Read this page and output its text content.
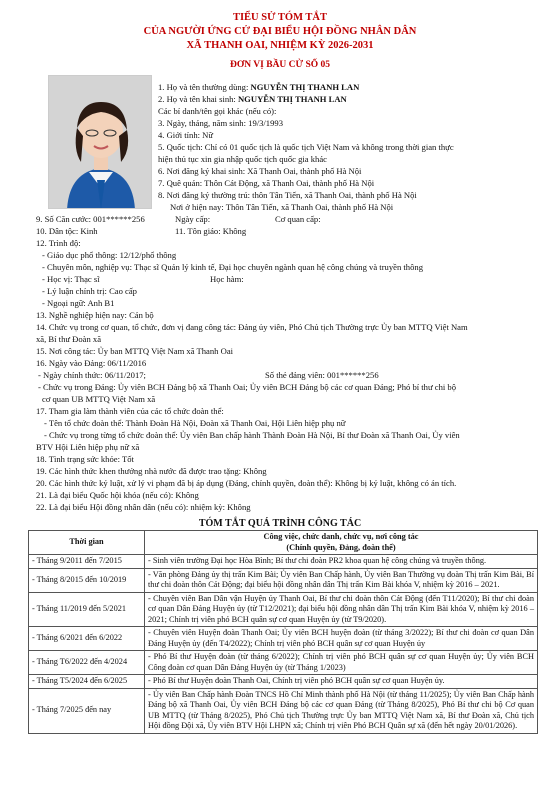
TIỂU SỬ TÓM TẮT
CỦA NGƯỜI ỨNG CỬ ĐẠI BIỂU HỘI ĐỒNG NHÂN DÂN
XÃ THANH OAI, NHIỆM KỲ 2026-2031
ĐƠN VỊ BẦU CỬ SỐ 05
1. Họ và tên thường dùng: NGUYỄN THỊ THANH LAN
2. Họ và tên khai sinh: NGUYỄN THỊ THANH LAN
Các bí danh/tên gọi khác (nếu có):
3. Ngày, tháng, năm sinh: 19/3/1993
4. Giới tính: Nữ
5. Quốc tịch: Chỉ có 01 quốc tịch là quốc tịch Việt Nam và không trong thời gian thực
hiện thủ tục xin gia nhập quốc tịch quốc gia khác
6. Nơi đăng ký khai sinh: Xã Thanh Oai, thành phố Hà Nội
7. Quê quán: Thôn Cát Động, xã Thanh Oai, thành phố Hà Nội
8. Nơi đăng ký thường trú: thôn Tân Tiến, xã Thanh Oai, thành phố Hà Nội
Nơi ở hiện nay: Thôn Tân Tiến, xã Thanh Oai, thành phố Hà Nội
9. Số Căn cước: 001******256	Ngày cấp:	Cơ quan cấp:
10. Dân tộc: Kinh	11. Tôn giáo: Không
12. Trình độ:
- Giáo dục phổ thông: 12/12/phổ thông
- Chuyên môn, nghiệp vụ: Thạc sĩ Quản lý kinh tế, Đại học chuyên ngành quan hệ công chúng và truyền thông
- Học vị: Thạc sĩ	Học hàm:
- Lý luận chính trị: Cao cấp
- Ngoại ngữ: Anh B1
13. Nghề nghiệp hiện nay: Cán bộ
14. Chức vụ trong cơ quan, tổ chức, đơn vị đang công tác: Đảng ủy viên, Phó Chủ tịch Thường trực Ủy ban MTTQ Việt Nam
xã, Bí thư Đoàn xã
15. Nơi công tác: Ủy ban MTTQ Việt Nam xã Thanh Oai
16. Ngày vào Đảng: 06/11/2016
- Ngày chính thức: 06/11/2017;	Số thẻ đảng viên: 001******256
- Chức vụ trong Đảng: Ủy viên BCH Đảng bộ xã Thanh Oai; Ủy viên BCH Đảng bộ các cơ quan Đảng; Phó bí thư chi bộ
cơ quan UB MTTQ Việt Nam xã
17. Tham gia làm thành viên của các tổ chức đoàn thể:
- Tên tổ chức đoàn thể: Thành Đoàn Hà Nội, Đoàn xã Thanh Oai, Hội Liên hiệp phụ nữ
- Chức vụ trong từng tổ chức đoàn thể: Ủy viên Ban chấp hành Thành Đoàn Hà Nội, Bí thư Đoàn xã Thanh Oai, Ủy viên
BTV Hội Liên hiệp phụ nữ xã
18. Tình trạng sức khỏe: Tốt
19. Các hình thức khen thưởng nhà nước đã được trao tặng: Không
20. Các hình thức kỷ luật, xử lý vi phạm đã bị áp dụng (Đảng, chính quyền, đoàn thể): Không bị kỷ luật, không có án tích.
21. Là đại biểu Quốc hội khóa (nếu có): Không
22. Là đại biểu Hội đồng nhân dân (nếu có): nhiệm kỳ: Không
TÓM TẮT QUÁ TRÌNH CÔNG TÁC
Thời gian	Công việc, chức danh, chức vụ, nơi công tác
(Chính quyền, Đảng, đoàn thể)

- Tháng 9/2011 đến 7/2015	- Sinh viên trường Đại học Hòa Bình; Bí thư chi đoàn PR2 khoa quan hệ công chúng và truyền thông.
- Tháng 8/2015 đến 10/2019	- Văn phòng Đảng ủy thị trấn Kim Bài; Ủy viên Ban Chấp hành, Ủy viên Ban Thường vụ đoàn Thị trấn Kim Bài, Bí thư chi đoàn thôn Cát Động; đại biểu hội đồng nhân dân Thị trấn Kim Bài khóa V, nhiệm kỳ 2016 – 2021.
- Tháng 11/2019 đến 5/2021	- Chuyên viên Ban Dân vận Huyện ủy Thanh Oai, Bí thư chi đoàn thôn Cát Động (đến T11/2020); Bí thư chi đoàn cơ quan Dân Đảng Huyện ủy (từ T12/2021); đại biểu hội đồng nhân dân Thị trấn Kim Bài khóa V, nhiệm kỳ 2016 – 2021; Chính trị viên phó BCH quân sự cơ quan Huyện ủy (từ T9/2020).
- Tháng 6/2021 đến 6/2022	- Chuyên viên Huyện đoàn Thanh Oai; Ủy viên BCH huyện đoàn (từ tháng 3/2022); Bí thư chi đoàn cơ quan Dân Đảng Huyện ủy (đến T4/2022); Chính trị viên phó BCH quân sự cơ quan Huyện ủy
- Tháng T6/2022 đến 4/2024	- Phó Bí thư Huyện đoàn (từ tháng 6/2022); Chính trị viên phó BCH quân sự cơ quan Huyện ủy; Ủy viên BCH Công đoàn cơ quan Dân Đảng Huyện ủy (từ Tháng 1/2023)
- Tháng T5/2024 đến 6/2025	- Phó Bí thư Huyện đoàn Thanh Oai, Chính trị viên phó BCH quân sự cơ quan Huyện ủy.
- Tháng 7/2025 đến nay	- Ủy viên Ban Chấp hành Đoàn TNCS Hồ Chí Minh thành phố Hà Nội (từ tháng 11/2025); Ủy viên Ban Chấp hành Đảng bộ xã Thanh Oai, Ủy viên BCH Đảng bộ các cơ quan Đảng (từ Tháng 8/2025), Phó Bí thư chi bộ Cơ quan UB MTTQ (từ Tháng 8/2025), Phó Chủ tịch Thường trực Ủy ban MTTQ Việt Nam xã, Bí thư Đoàn xã, Chủ tịch Hội đồng Đội xã, Ủy viên BTV Hội LHPN xã; Chính trị viên Phó BCH Quân sự xã (đến hết ngày 20/01/2026).
